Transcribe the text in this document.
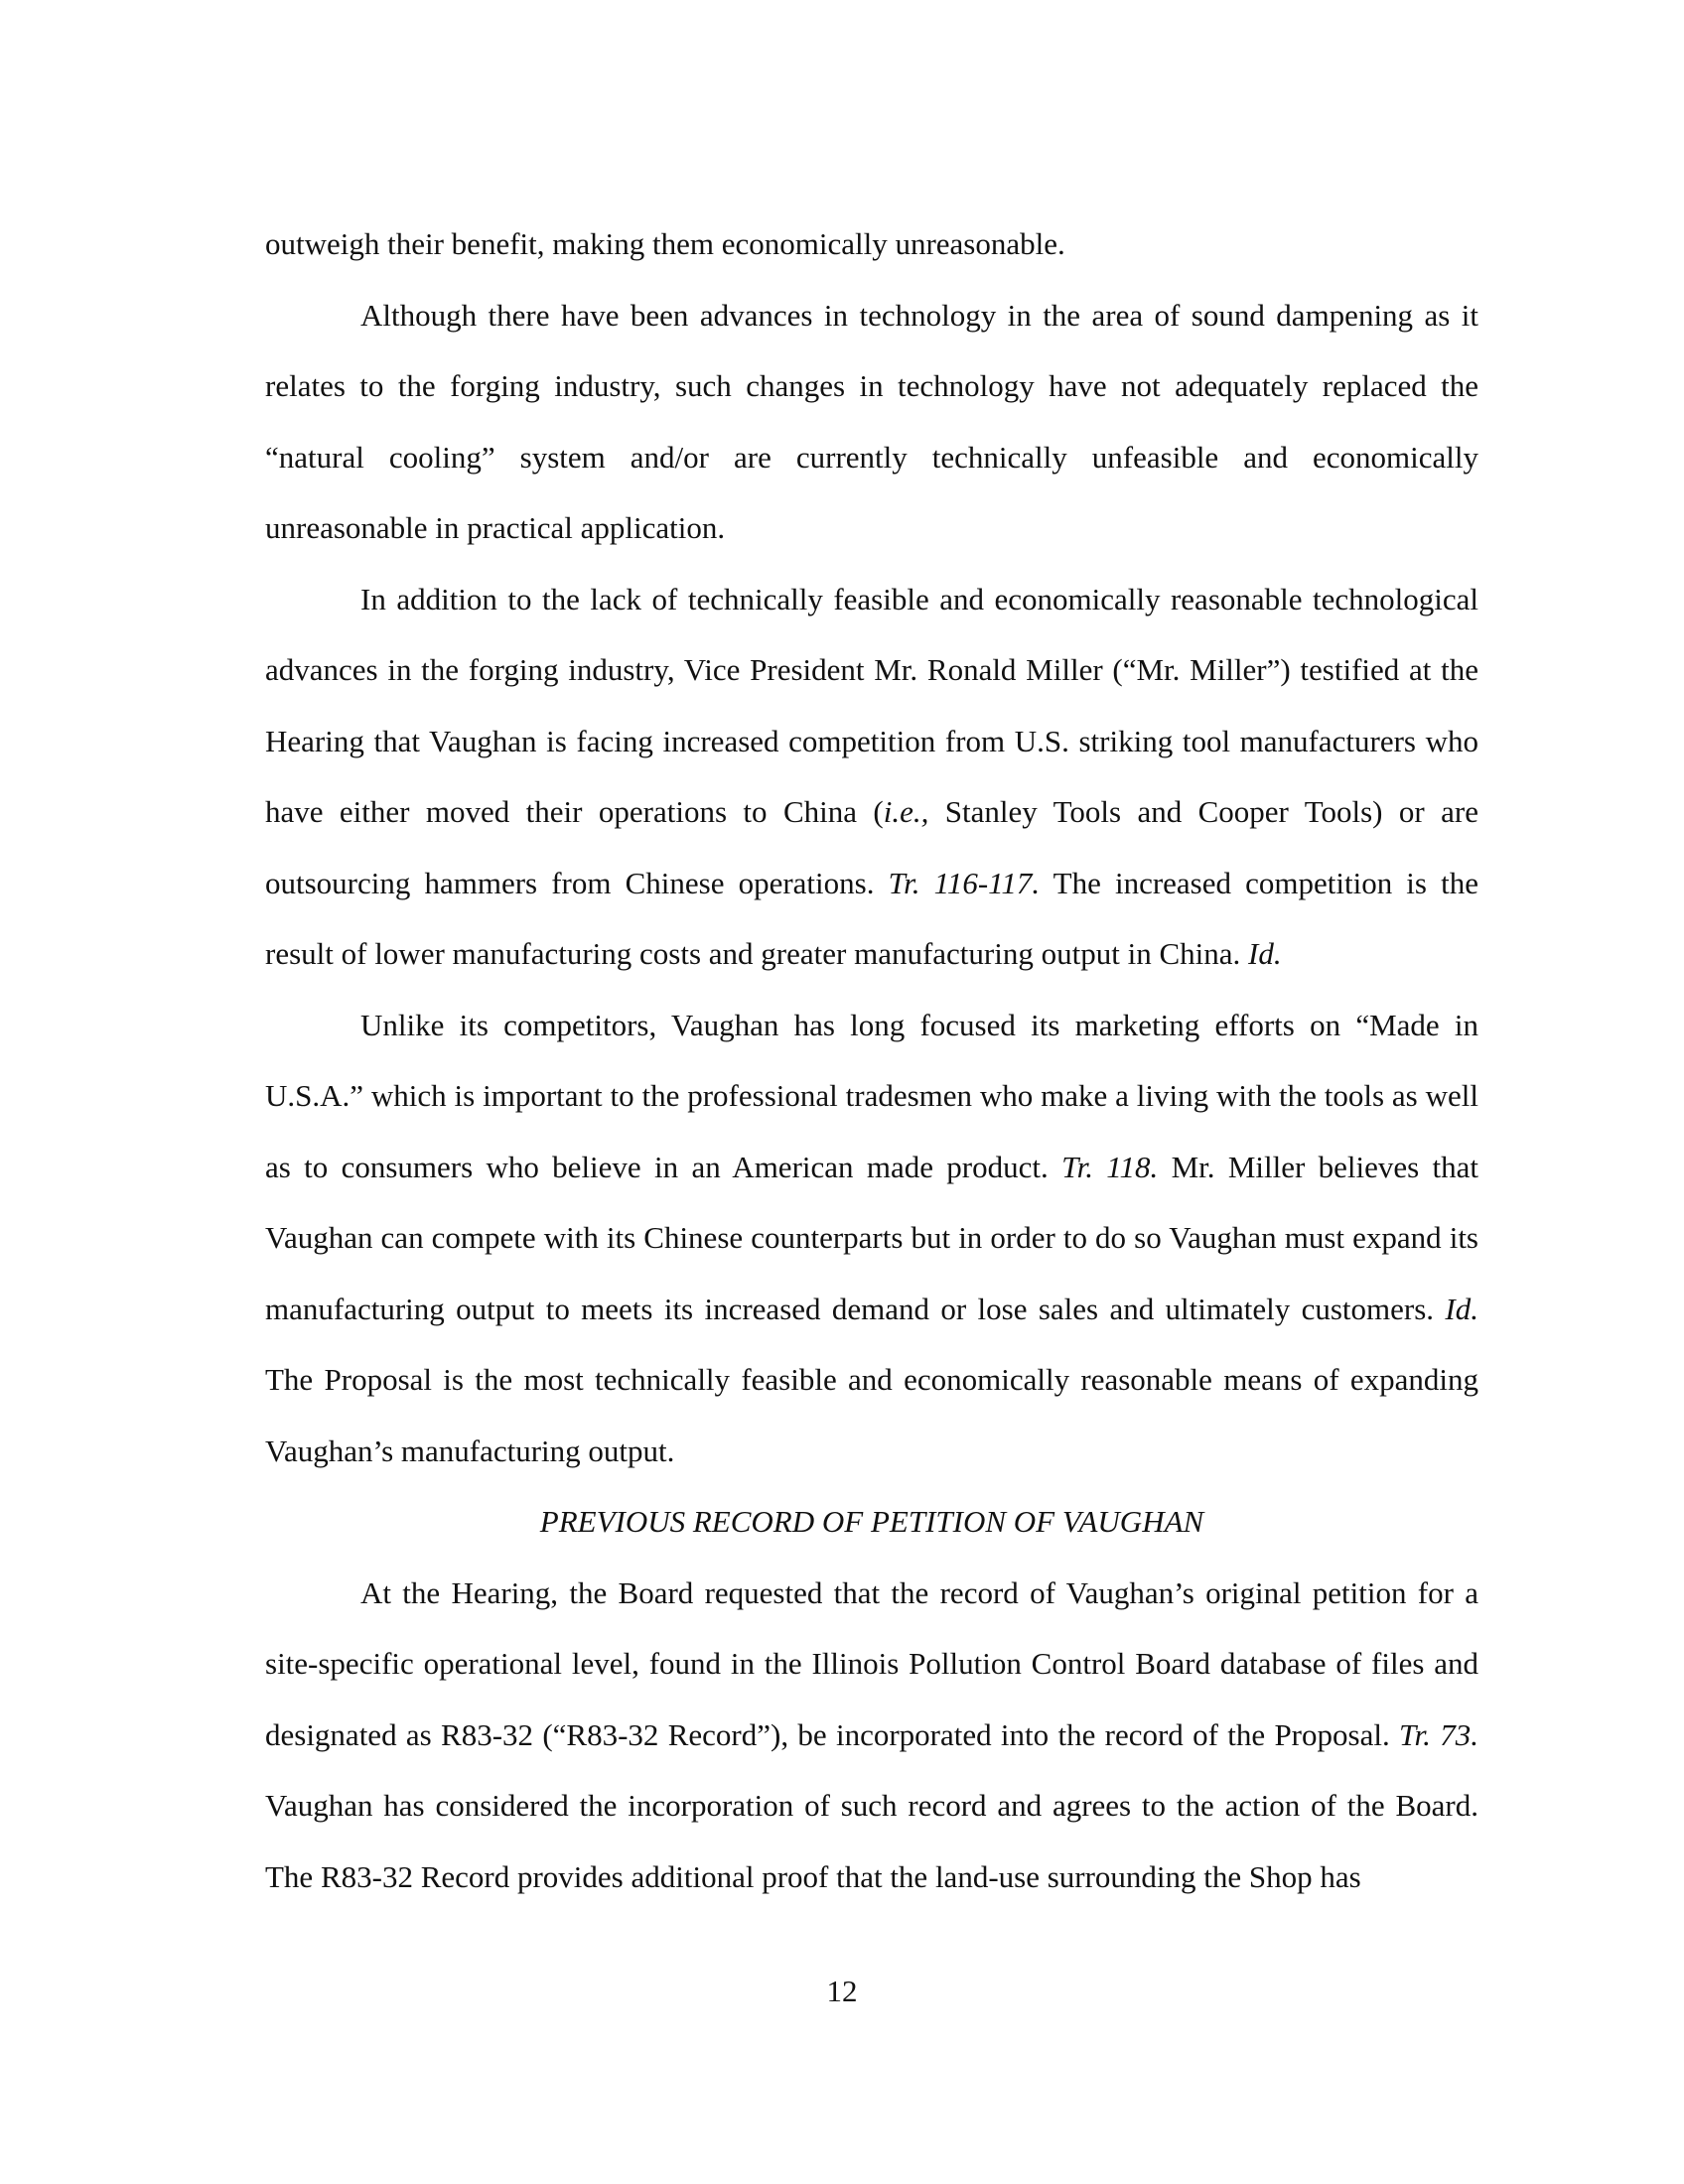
outweigh their benefit, making them economically unreasonable.

Although there have been advances in technology in the area of sound dampening as it relates to the forging industry, such changes in technology have not adequately replaced the “natural cooling” system and/or are currently technically unfeasible and economically unreasonable in practical application.

In addition to the lack of technically feasible and economically reasonable technological advances in the forging industry, Vice President Mr. Ronald Miller (“Mr. Miller”) testified at the Hearing that Vaughan is facing increased competition from U.S. striking tool manufacturers who have either moved their operations to China (i.e., Stanley Tools and Cooper Tools) or are outsourcing hammers from Chinese operations. Tr. 116-117. The increased competition is the result of lower manufacturing costs and greater manufacturing output in China. Id.

Unlike its competitors, Vaughan has long focused its marketing efforts on “Made in U.S.A.” which is important to the professional tradesmen who make a living with the tools as well as to consumers who believe in an American made product. Tr. 118. Mr. Miller believes that Vaughan can compete with its Chinese counterparts but in order to do so Vaughan must expand its manufacturing output to meets its increased demand or lose sales and ultimately customers. Id. The Proposal is the most technically feasible and economically reasonable means of expanding Vaughan’s manufacturing output.

PREVIOUS RECORD OF PETITION OF VAUGHAN

At the Hearing, the Board requested that the record of Vaughan’s original petition for a site-specific operational level, found in the Illinois Pollution Control Board database of files and designated as R83-32 (“R83-32 Record”), be incorporated into the record of the Proposal. Tr. 73. Vaughan has considered the incorporation of such record and agrees to the action of the Board. The R83-32 Record provides additional proof that the land-use surrounding the Shop has

12
